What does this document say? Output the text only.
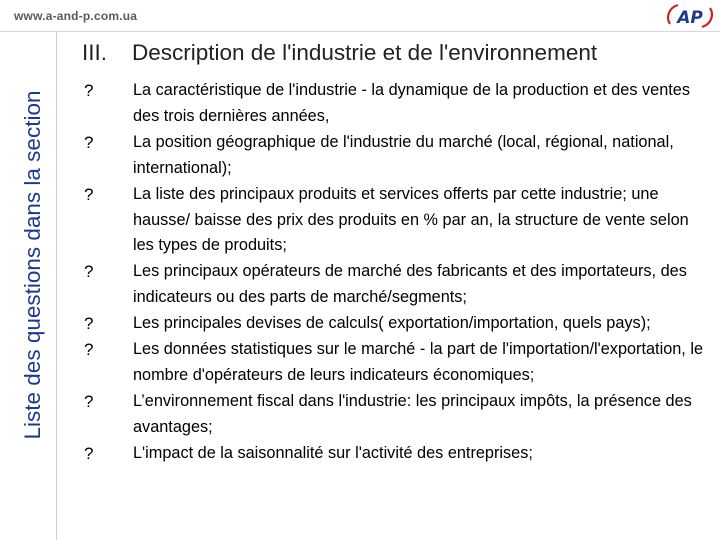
www.a-and-p.com.ua	AP
Liste des questions dans la section
III. Description de l'industrie et de l'environnement
? La caractéristique de l'industrie - la dynamique de la production et des ventes des trois dernières années,
? La position géographique de l'industrie du marché (local, régional, national, international);
? La liste des principaux produits et services offerts par cette industrie; une hausse/ baisse des prix des produits en % par an, la structure de vente selon les types de produits;
? Les principaux opérateurs de marché des fabricants et des importateurs, des indicateurs ou des parts de marché/segments;
? Les principales devises de calculs( exportation/importation, quels pays);
? Les données statistiques sur le marché - la part de l'importation/l'exportation, le nombre d'opérateurs de leurs indicateurs économiques;
? L’environnement fiscal dans l'industrie: les principaux impôts, la présence des avantages;
? L'impact de la saisonnalité sur l'activité des entreprises;
